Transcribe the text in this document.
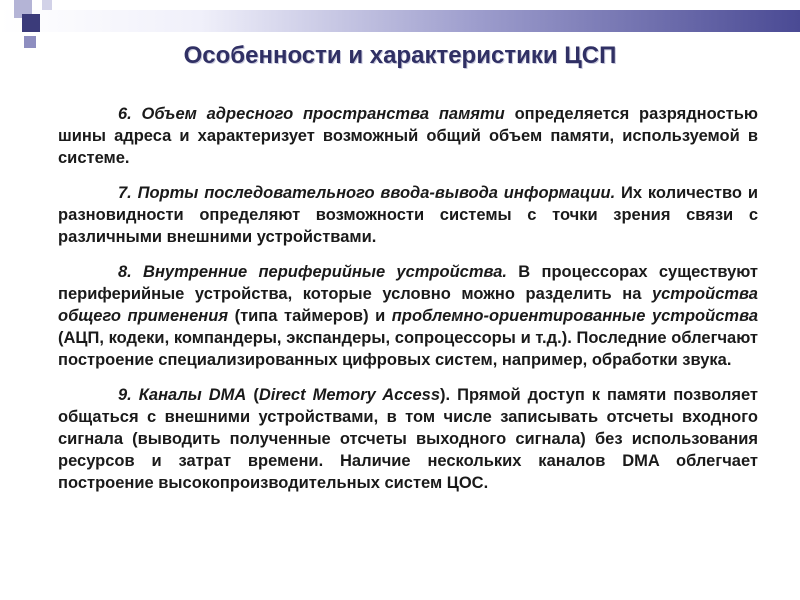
Особенности и характеристики ЦСП

6. Объем адресного пространства памяти определяется разрядностью шины адреса и характеризует возможный общий объем памяти, используемой в системе.

7. Порты последовательного ввода-вывода информации. Их количество и разновидности определяют возможности системы с точки зрения связи с различными внешними устройствами.

8. Внутренние периферийные устройства. В процессорах существуют периферийные устройства, которые условно можно разделить на устройства общего применения (типа таймеров) и проблемно-ориентированные устройства (АЦП, кодеки, компандеры, экспандеры, сопроцессоры и т.д.). Последние облегчают построение специализированных цифровых систем, например, обработки звука.

9. Каналы DMA (Direct Memory Access). Прямой доступ к памяти позволяет общаться с внешними устройствами, в том числе записывать отсчеты входного сигнала (выводить полученные отсчеты выходного сигнала) без использования ресурсов и затрат времени. Наличие нескольких каналов DMA облегчает построение высокопроизводительных систем ЦОС.
